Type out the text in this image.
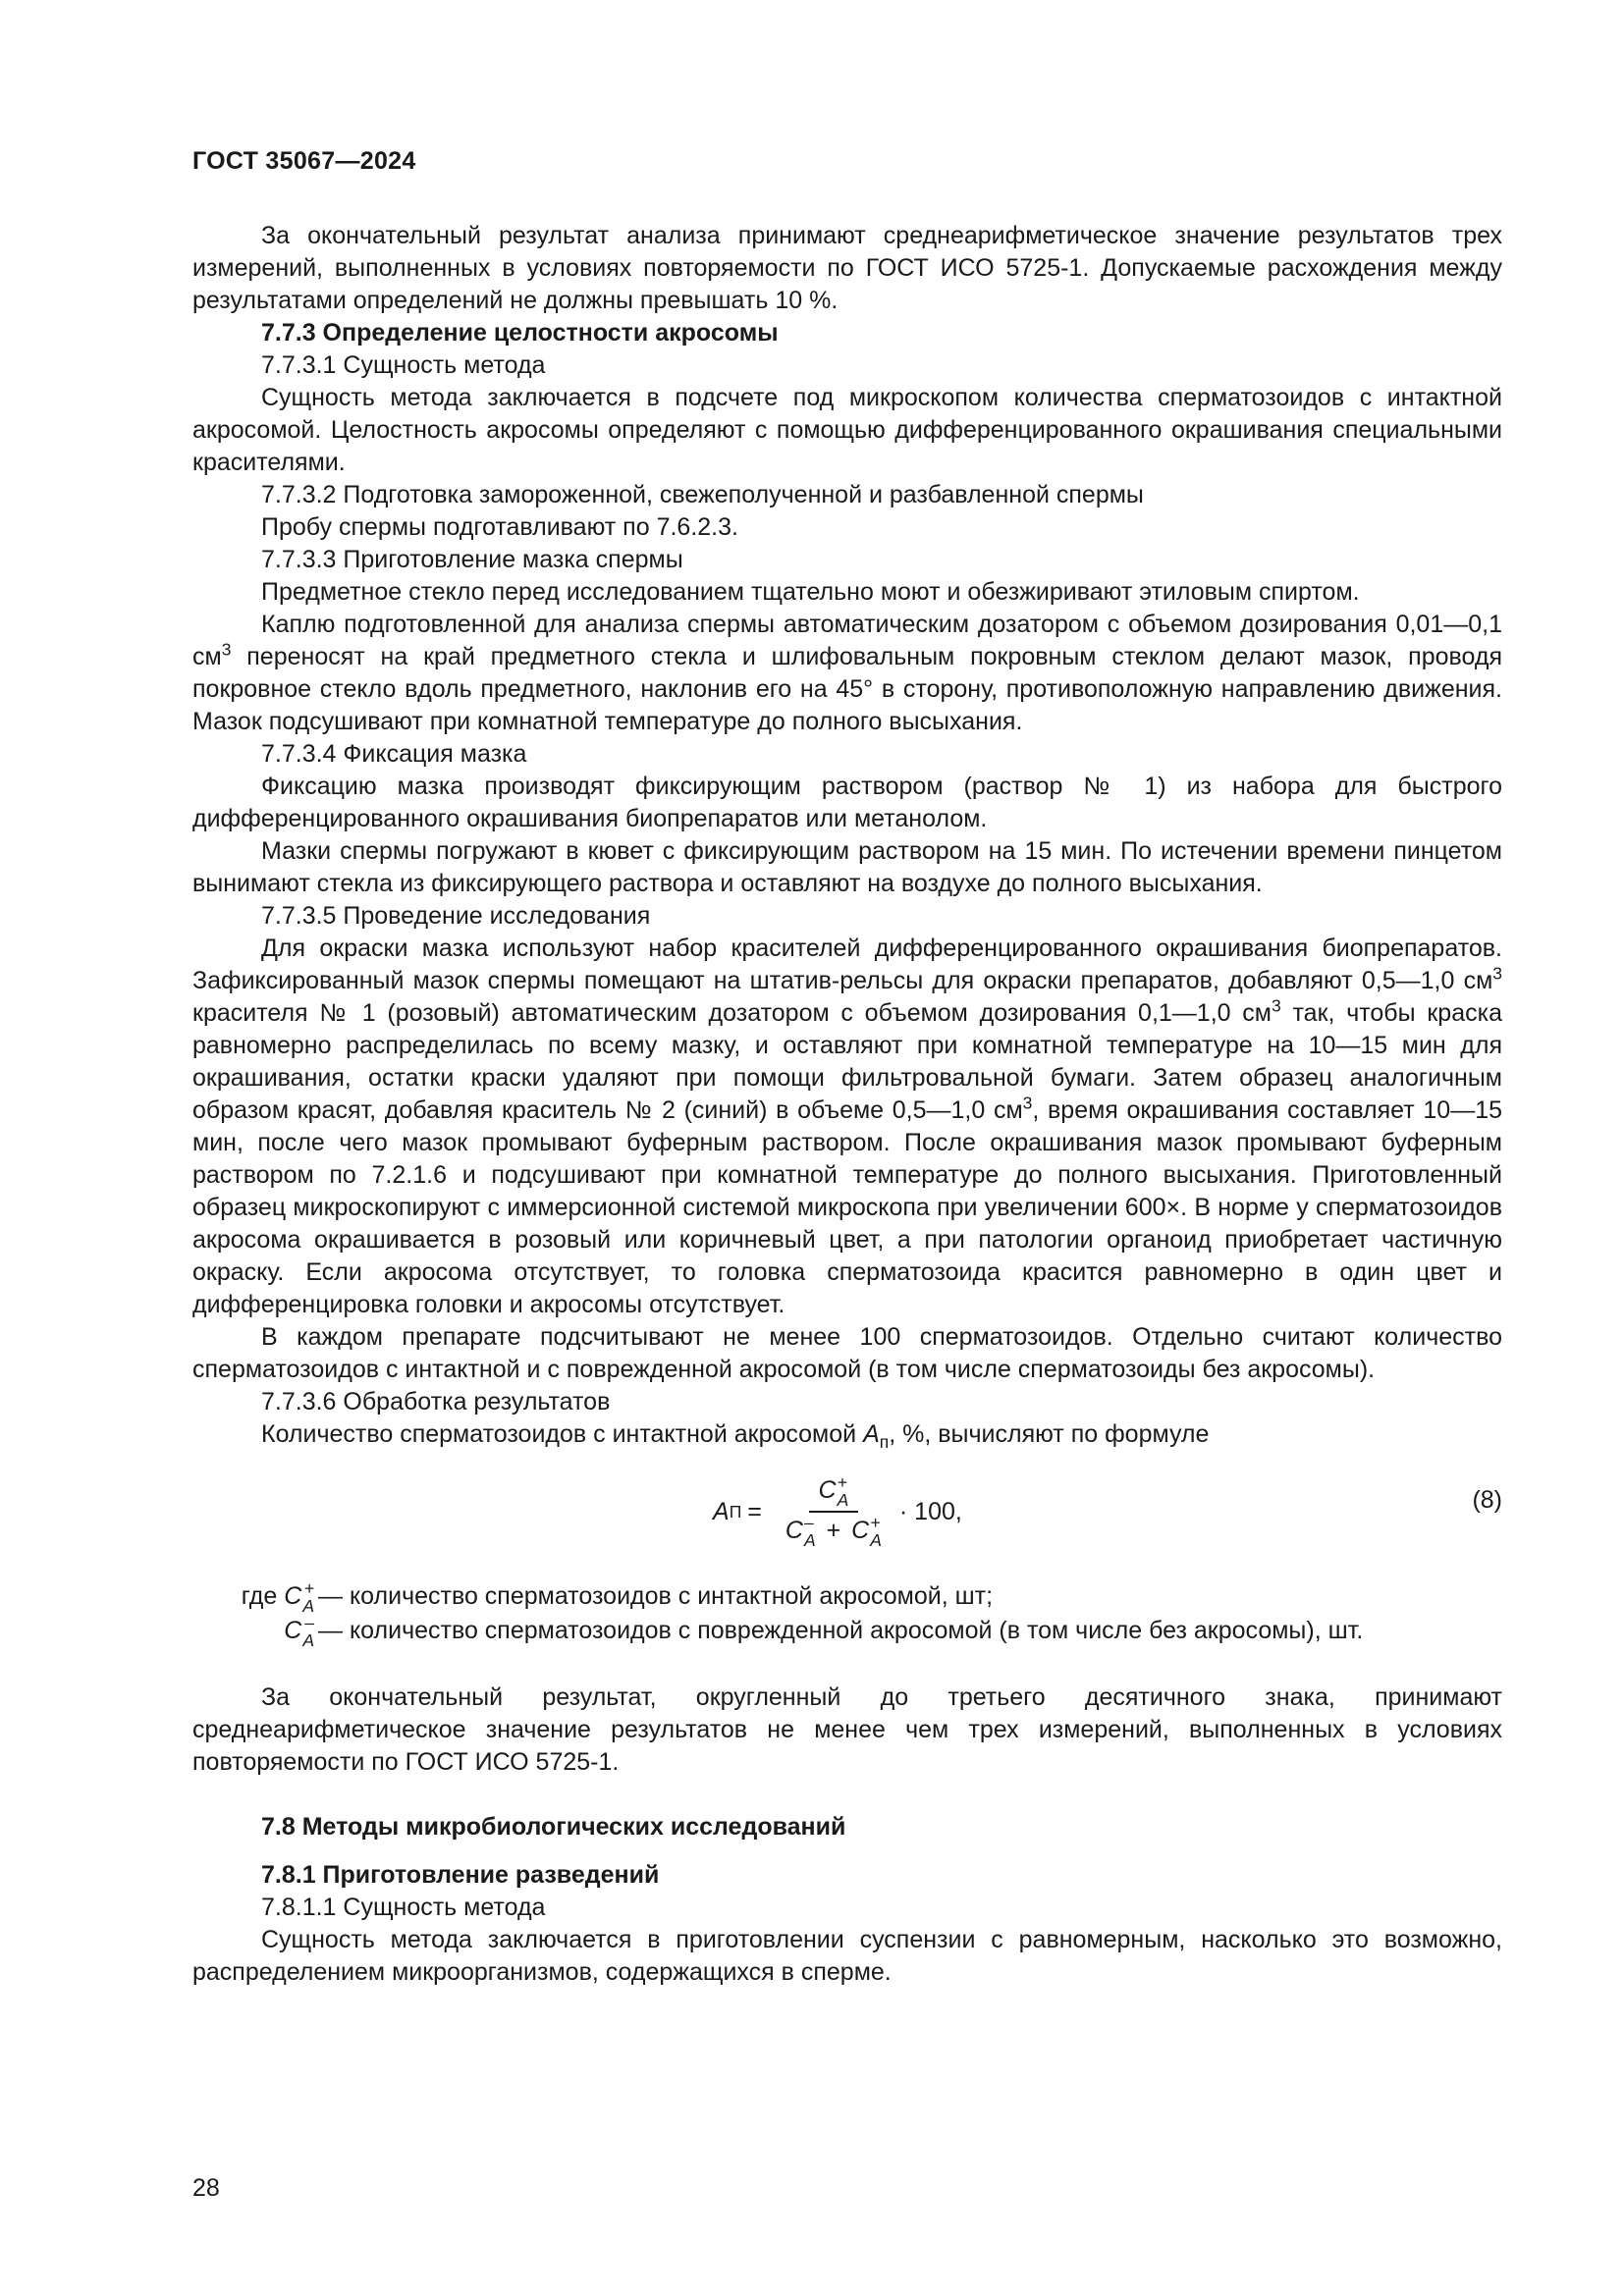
ГОСТ 35067—2024

За окончательный результат анализа принимают среднеарифметическое значение результатов трех измерений, выполненных в условиях повторяемости по ГОСТ ИСО 5725-1. Допускаемые расхождения между результатами определений не должны превышать 10 %.

7.7.3 Определение целостности акросомы

7.7.3.1 Сущность метода

Сущность метода заключается в подсчете под микроскопом количества сперматозоидов с интактной акросомой. Целостность акросомы определяют с помощью дифференцированного окрашивания специальными красителями.

7.7.3.2 Подготовка замороженной, свежеполученной и разбавленной спермы

Пробу спермы подготавливают по 7.6.2.3.

7.7.3.3 Приготовление мазка спермы

Предметное стекло перед исследованием тщательно моют и обезжиривают этиловым спиртом.

Каплю подготовленной для анализа спермы автоматическим дозатором с объемом дозирования 0,01—0,1 $см^3$ переносят на край предметного стекла и шлифовальным покровным стеклом делают мазок, проводя покровное стекло вдоль предметного, наклонив его на 45° в сторону, противоположную направлению движения. Мазок подсушивают при комнатной температуре до полного высыхания.

7.7.3.4 Фиксация мазка

Фиксацию мазка производят фиксирующим раствором (раствор № 1) из набора для быстрого дифференцированного окрашивания биопрепаратов или метанолом.

Мазки спермы погружают в кювет с фиксирующим раствором на 15 мин. По истечении времени пинцетом вынимают стекла из фиксирующего раствора и оставляют на воздухе до полного высыхания.

7.7.3.5 Проведение исследования

Для окраски мазка используют набор красителей дифференцированного окрашивания биопрепаратов. Зафиксированный мазок спермы помещают на штатив-рельсы для окраски препаратов, добавляют 0,5—1,0 $см^3$ красителя № 1 (розовый) автоматическим дозатором с объемом дозирования 0,1—1,0 $см^3$ так, чтобы краска равномерно распределилась по всему мазку, и оставляют при комнатной температуре на 10—15 мин для окрашивания, остатки краски удаляют при помощи фильтровальной бумаги. Затем образец аналогичным образом красят, добавляя краситель № 2 (синий) в объеме 0,5—1,0 $см^3$, время окрашивания составляет 10—15 мин, после чего мазок промывают буферным раствором. После окрашивания мазок промывают буферным раствором по 7.2.1.6 и подсушивают при комнатной температуре до полного высыхания. Приготовленный образец микроскопируют с иммерсионной системой микроскопа при увеличении 600×. В норме у сперматозоидов акросома окрашивается в розовый или коричневый цвет, а при патологии органоид приобретает частичную окраску. Если акросома отсутствует, то головка сперматозоида красится равномерно в один цвет и дифференцировка головки и акросомы отсутствует.

В каждом препарате подсчитывают не менее 100 сперматозоидов. Отдельно считают количество сперматозоидов с интактной и с поврежденной акросомой (в том числе сперматозоиды без акросомы).

7.7.3.6 Обработка результатов

Количество сперматозоидов с интактной акросомой $A_п$, %, вычисляют по формуле

A П = C +
A
C –
A + C +
A · 100,	(8)
где C +
A — количество сперматозоидов с интактной акросомой, шт;
C –
A — количество сперматозоидов с поврежденной акросомой (в том числе без акросомы), шт.

За окончательный результат, округленный до третьего десятичного знака, принимают среднеарифметическое значение результатов не менее чем трех измерений, выполненных в условиях повторяемости по ГОСТ ИСО 5725-1.

7.8 Методы микробиологических исследований

7.8.1 Приготовление разведений

7.8.1.1 Сущность метода

Сущность метода заключается в приготовлении суспензии с равномерным, насколько это возможно, распределением микроорганизмов, содержащихся в сперме.

28
